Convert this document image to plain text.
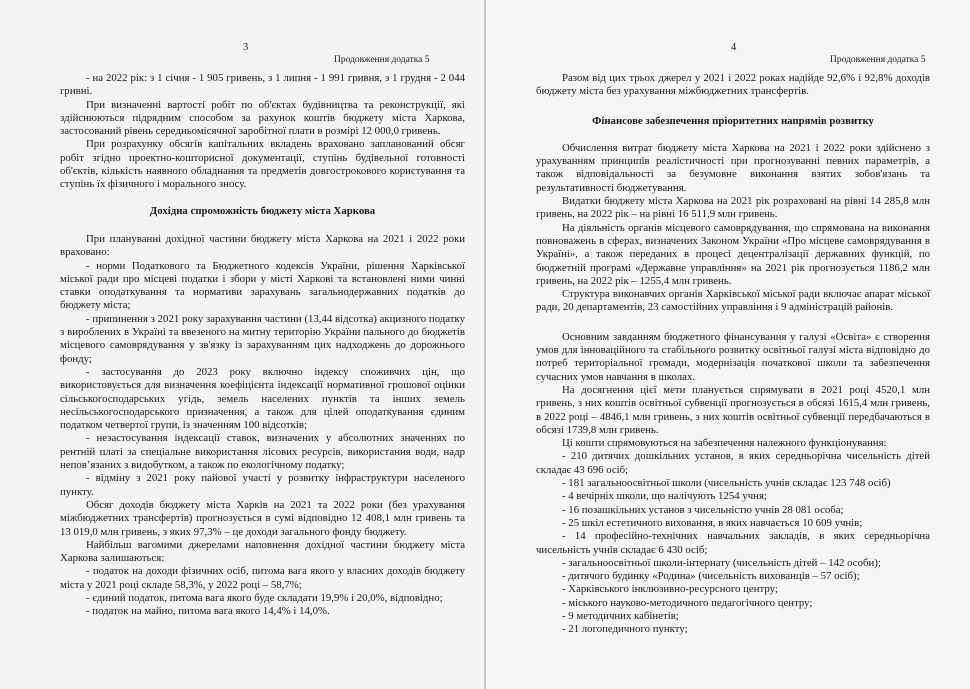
3
Продовження додатка 5

- на 2022 рік: з 1 січня - 1 905 гривень, з 1 липня - 1 991 гривня, з 1 грудня - 2 044 гривні.

При визначенні вартості робіт по об'єктах будівництва та реконструкції, які здійснюються підрядним способом за рахунок коштів бюджету міста Харкова, застосований рівень середньомісячної заробітної плати в розмірі 12 000,0 гривень.

При розрахунку обсягів капітальних вкладень враховано запланований обсяг робіт згідно проектно-кошторисної документації, ступінь будівельної готовності об'єктів, кількість наявного обладнання та предметів довгострокового користування та ступінь їх фізичного і морального зносу.

Дохідна спроможність бюджету міста Харкова

При плануванні дохідної частини бюджету міста Харкова на 2021 і 2022 роки враховано:

- норми Податкового та Бюджетного кодексів України, рішення Харківської міської ради про місцеві податки і збори у місті Харкові та встановлені ними чинні ставки оподаткування та нормативи зарахувань загальнодержавних податків до бюджету міста;

- припинення з 2021 року зарахування частини (13,44 відсотка) акцизного податку з вироблених в Україні та ввезеного на митну територію України пального до бюджетів місцевого самоврядування у зв'язку із зарахуванням цих надходжень до дорожнього фонду;

- застосування до 2023 року включно індексу споживчих цін, що використовується для визначення коефіцієнта індексації нормативної грошової оцінки сільськогосподарських угідь, земель населених пунктів та інших земель несільськогосподарського призначення, а також для цілей оподаткування єдиним податком четвертої групи, із значенням 100 відсотків;

- незастосування індексації ставок, визначених у абсолютних значеннях по рентній платі за спеціальне використання лісових ресурсів, використання води, надр неповʼязаних з видобутком, а також по екологічному податку;

- відміну з 2021 року пайової участі у розвитку інфраструктури населеного пункту.

Обсяг доходів бюджету міста Харків на 2021 та 2022 роки (без урахування міжбюджетних трансфертів) прогнозується в сумі відповідно 12 408,1 млн гривень та 13 019,0 млн гривень, з яких 97,3% – це доходи загального фонду бюджету.

Найбільш вагомими джерелами наповнення дохідної частини бюджету міста Харкова залишаються:

- податок на доходи фізичних осіб, питома вага якого у власних доходів бюджету міста у 2021 році складе 58,3%, у 2022 році – 58,7%;

- єдиний податок, питома вага якого буде складати 19,9% і 20,0%, відповідно;

- податок на майно, питома вага якого 14,4% і 14,0%.

4
Продовження додатка 5

Разом від цих трьох джерел у 2021 і 2022 роках надійде 92,6% і 92,8% доходів бюджету міста без урахування міжбюджетних трансфертів.

Фінансове забезпечення пріоритетних напрямів розвитку

Обчислення витрат бюджету міста Харкова на 2021 і 2022 роки здійснено з урахуванням принципів реалістичності при прогнозуванні певних параметрів, а також відповідальності за безумовне виконання взятих зобов'язань та результативності бюджетування.

Видатки бюджету міста Харкова на 2021 рік розраховані на рівні 14 285,8 млн гривень, на 2022 рік – на рівні 16 511,9 млн гривень.

На діяльність органів місцевого самоврядування, що спрямована на виконання повноважень в сферах, визначених Законом України «Про місцеве самоврядування в Україні», а також переданих в процесі децентралізації державних функцій, по бюджетній програмі «Державне управління» на 2021 рік прогнозується 1186,2 млн гривень, на 2022 рік – 1255,4 млн гривень.

Структура виконавчих органів Харківської міської ради включає апарат міської ради, 20 департаментів, 23 самостійних управління і 9 адміністрацій районів.

Основним завданням бюджетного фінансування у галузі «Освіта» є створення умов для інноваційного та стабільного розвитку освітньої галузі міста відповідно до потреб територіальної громади, модернізація початкової школи та забезпечення сучасних умов навчання в школах.

На досягнення цієї мети планується спрямувати в 2021 році 4520,1 млн гривень, з них коштів освітньої субвенції прогнозується в обсязі 1615,4 млн гривень, в 2022 році – 4846,1 млн гривень, з них коштів освітньої субвенції передбачаються в обсязі 1739,8 млн гривень.

Ці кошти спрямовуються на забезпечення належного функціонування:

- 210 дитячих дошкільних установ, в яких середньорічна чисельність дітей складає 43 696 осіб;

- 181 загальноосвітньої школи (чисельність учнів складає 123 748 осіб)

- 4 вечірніх школи, що налічують 1254 учня;

- 16 позашкільних установ з чисельністю учнів 28 081 особа;

- 25 шкіл естетичного виховання, в яких навчається 10 609 учнів;

- 14 професійно-технічних навчальних закладів, в яких середньорічна чисельність учнів складає 6 430 осіб;

- загальноосвітньої школи-інтернату (чисельність дітей – 142 особи);

- дитячого будинку «Родина» (чисельність вихованців – 57 осіб);

- Харківського інклюзивно-ресурсного центру;

- міського науково-методичного педагогічного центру;

- 9 методичних кабінетів;

- 21 логопедичного пункту;
